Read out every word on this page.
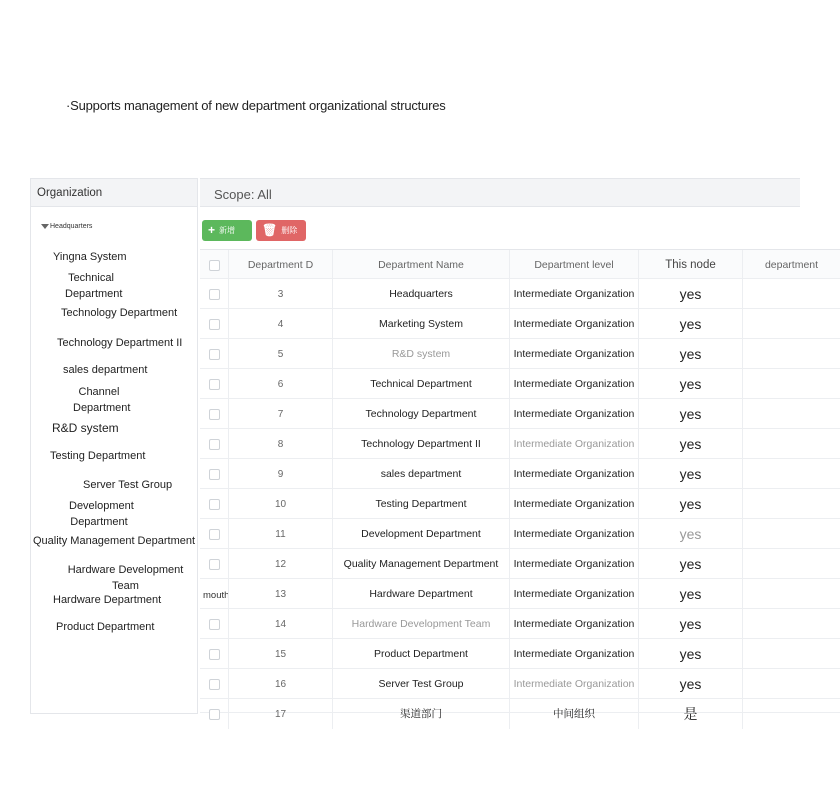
·Supports management of new department organizational structures
Organization
Headquarters
Yingna System
Technical Department
Technology Department
Technology Department II
sales department
Channel Department
R&D system
Testing Department
Server Test Group
Development Department
Quality Management Department
Hardware Development Team
Hardware Department
Product Department
Scope: All
+ 新增	🗑 删除
Department D	Department Name	Department level	This node	department
3	Headquarters	Intermediate Organization	yes
4	Marketing System	Intermediate Organization	yes
5	R&D system	Intermediate Organization	yes
6	Technical Department	Intermediate Organization	yes
7	Technology Department	Intermediate Organization	yes
8	Technology Department II	Intermediate Organization	yes
9	sales department	Intermediate Organization	yes
10	Testing Department	Intermediate Organization	yes
11	Development Department	Intermediate Organization	yes
12	Quality Management Department	Intermediate Organization	yes
mouth	13	Hardware Department	Intermediate Organization	yes
14	Hardware Development Team	Intermediate Organization	yes
15	Product Department	Intermediate Organization	yes
16	Server Test Group	Intermediate Organization	yes
17	渠道部门	中间组织	是
